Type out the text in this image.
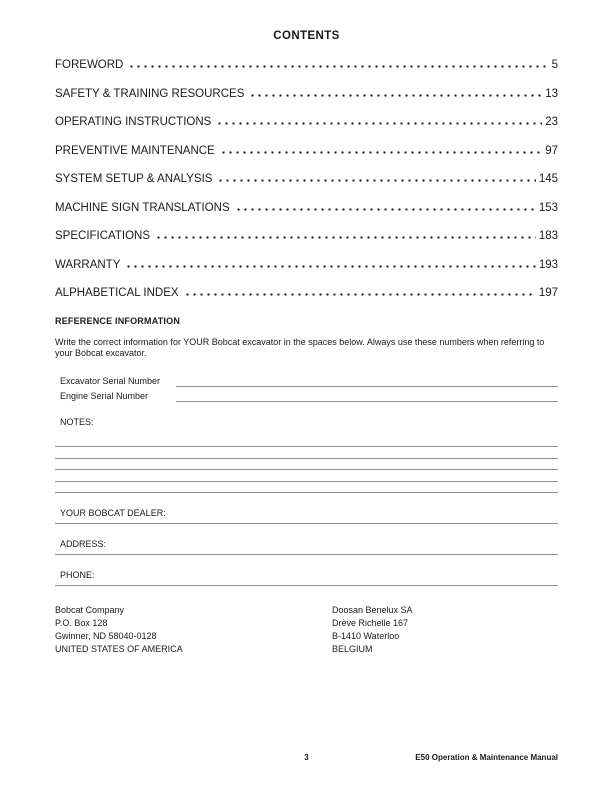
CONTENTS
FOREWORD	5
SAFETY & TRAINING RESOURCES	13
OPERATING INSTRUCTIONS	23
PREVENTIVE MAINTENANCE	97
SYSTEM SETUP & ANALYSIS	145
MACHINE SIGN TRANSLATIONS	153
SPECIFICATIONS	183
WARRANTY	193
ALPHABETICAL INDEX	197
REFERENCE INFORMATION
Write the correct information for YOUR Bobcat excavator in the spaces below. Always use these numbers when referring to your Bobcat excavator.
Excavator Serial Number
Engine Serial Number
NOTES:
YOUR BOBCAT DEALER:
ADDRESS:
PHONE:
Bobcat Company
P.O. Box 128
Gwinner, ND 58040-0128
UNITED STATES OF AMERICA
Doosan Benelux SA
Drève Richelle 167
B-1410 Waterloo
BELGIUM
3	E50 Operation & Maintenance Manual
